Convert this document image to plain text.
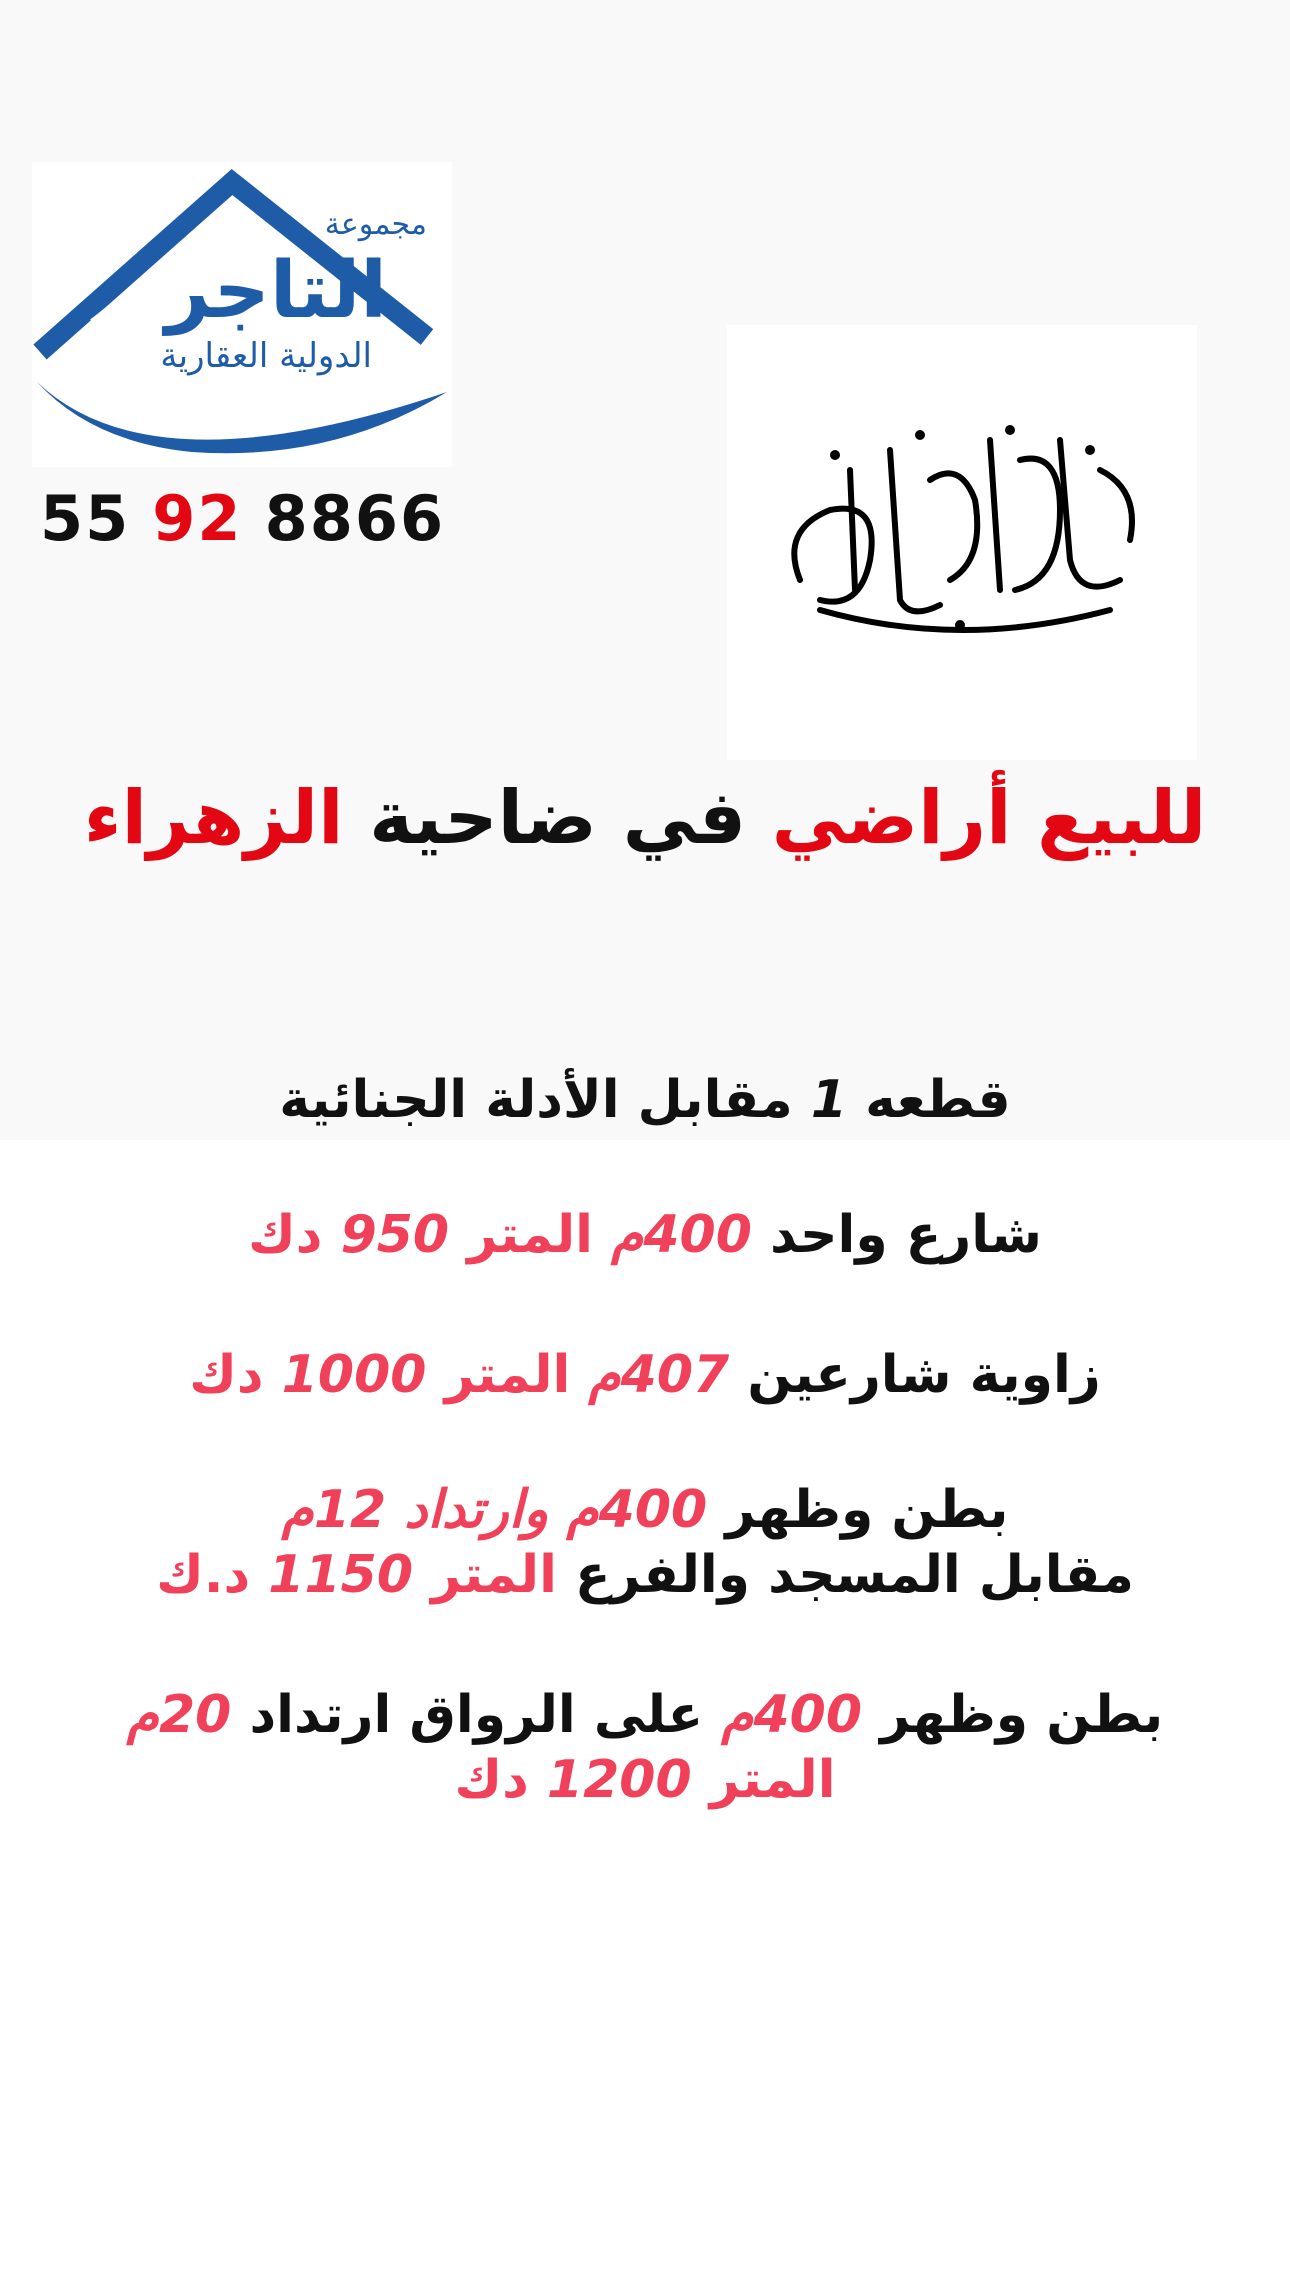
مجموعة
التاجر
الدولية العقارية
55 92 8866
للبيع أراضي في ضاحية الزهراء
قطعه 1 مقابل الأدلة الجنائية
شارع واحد 400م المتر 950 دك
زاوية شارعين 407م المتر 1000 دك
بطن وظهر 400م وارتداد 12م
مقابل المسجد والفرع المتر 1150 د.ك
بطن وظهر 400م على الرواق ارتداد 20م
المتر 1200 دك
